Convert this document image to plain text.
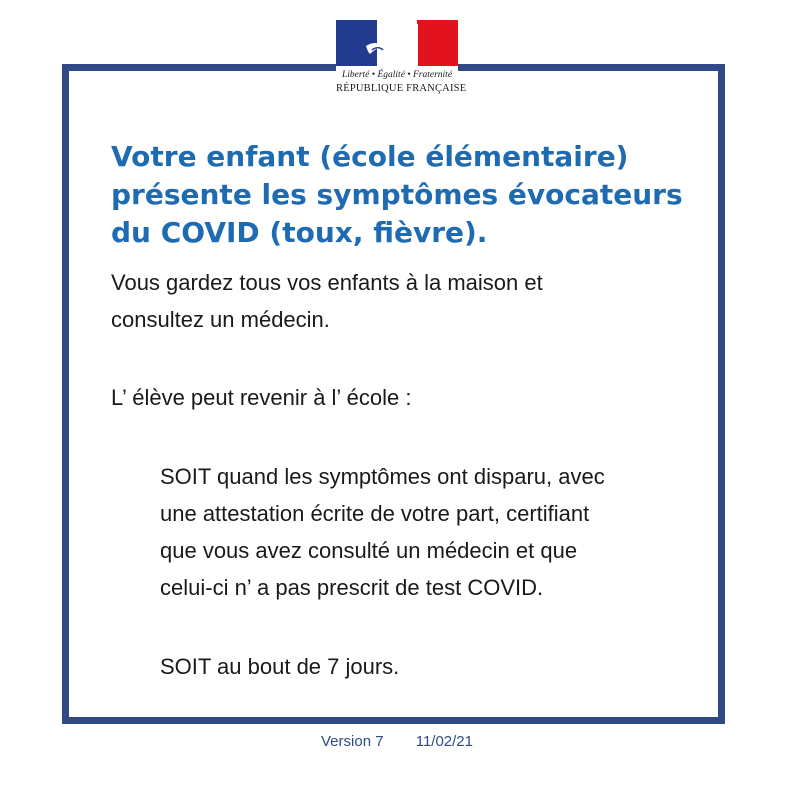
Liberté • Égalité • Fraternité
RÉPUBLIQUE FRANÇAISE
Votre enfant (école élémentaire)
présente les symptômes évocateurs
du COVID (toux, fièvre).

Vous gardez tous vos enfants à la maison et
consultez un médecin.

L’ élève peut revenir à l’ école :

SOIT quand les symptômes ont disparu, avec
une attestation écrite de votre part, certifiant
que vous avez consulté un médecin et que
celui-ci n’ a pas prescrit de test COVID.

SOIT au bout de 7 jours.

Version 7 11/02/21
